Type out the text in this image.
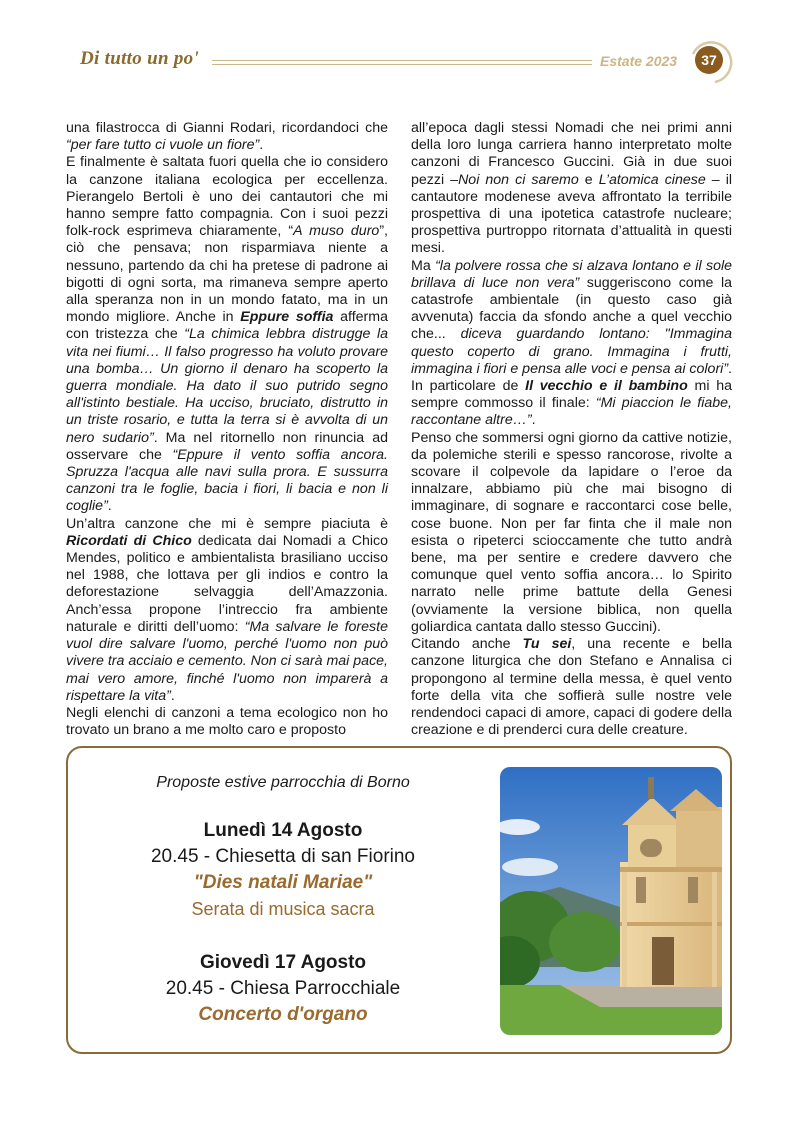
Di tutto un po'	Estate 2023	37

una filastrocca di Gianni Rodari, ricordandoci che “per fare tutto ci vuole un fiore”.

E finalmente è saltata fuori quella che io considero la canzone italiana ecologica per eccellenza. Pierangelo Bertoli è uno dei cantautori che mi hanno sempre fatto compagnia. Con i suoi pezzi folk-rock esprimeva chiaramente, “A muso duro”, ciò che pensava; non risparmiava niente a nessuno, partendo da chi ha pretese di padrone ai bigotti di ogni sorta, ma rimaneva sempre aperto alla speranza non in un mondo fatato, ma in un mondo migliore. Anche in Eppure soffia afferma con tristezza che “La chimica lebbra distrugge la vita nei fiumi… Il falso progresso ha voluto provare una bomba… Un giorno il denaro ha scoperto la guerra mondiale. Ha dato il suo putrido segno all'istinto bestiale. Ha ucciso, bruciato, distrutto in un triste rosario, e tutta la terra si è avvolta di un nero sudario”. Ma nel ritornello non rinuncia ad osservare che “Eppure il vento soffia ancora. Spruzza l'acqua alle navi sulla prora. E sussurra canzoni tra le foglie, bacia i fiori, li bacia e non li coglie”.

Un’altra canzone che mi è sempre piaciuta è Ricordati di Chico dedicata dai Nomadi a Chico Mendes, politico e ambientalista brasiliano ucciso nel 1988, che lottava per gli indios e contro la deforestazione selvaggia dell’Amazzonia. Anch’essa propone l’intreccio fra ambiente naturale e diritti dell’uomo: “Ma salvare le foreste vuol dire salvare l'uomo, perché l'uomo non può vivere tra acciaio e cemento. Non ci sarà mai pace, mai vero amore, finché l'uomo non imparerà a rispettare la vita”.

Negli elenchi di canzoni a tema ecologico non ho trovato un brano a me molto caro e proposto

all’epoca dagli stessi Nomadi che nei primi anni della loro lunga carriera hanno interpretato molte canzoni di Francesco Guccini. Già in due suoi pezzi –Noi non ci saremo e L’atomica cinese – il cantautore modenese aveva affrontato la terribile prospettiva di una ipotetica catastrofe nucleare; prospettiva purtroppo ritornata d’attualità in questi mesi.

Ma “la polvere rossa che si alzava lontano e il sole brillava di luce non vera” suggeriscono come la catastrofe ambientale (in questo caso già avvenuta) faccia da sfondo anche a quel vecchio che... diceva guardando lontano: "Immagina questo coperto di grano. Immagina i frutti, immagina i fiori e pensa alle voci e pensa ai colori”. In particolare de Il vecchio e il bambino mi ha sempre commosso il finale: “Mi piaccion le fiabe, raccontane altre…”.

Penso che sommersi ogni giorno da cattive notizie, da polemiche sterili e spesso rancorose, rivolte a scovare il colpevole da lapidare o l’eroe da innalzare, abbiamo più che mai bisogno di immaginare, di sognare e raccontarci cose belle, cose buone. Non per far finta che il male non esista o ripeterci scioccamente che tutto andrà bene, ma per sentire e credere davvero che comunque quel vento soffia ancora… lo Spirito narrato nelle prime battute della Genesi (ovviamente la versione biblica, non quella goliardica cantata dallo stesso Guccini).

Citando anche Tu sei, una recente e bella canzone liturgica che don Stefano e Annalisa ci propongono al termine della messa, è quel vento forte della vita che soffierà sulle nostre vele rendendoci capaci di amore, capaci di godere della creazione e di prenderci cura delle creature.

Proposte estive parrocchia di Borno
Lunedì 14 Agosto
20.45 - Chiesetta di san Fiorino
"Dies natali Mariae"
Serata di musica sacra
Giovedì 17 Agosto
20.45 - Chiesa Parrocchiale
Concerto d'organo
